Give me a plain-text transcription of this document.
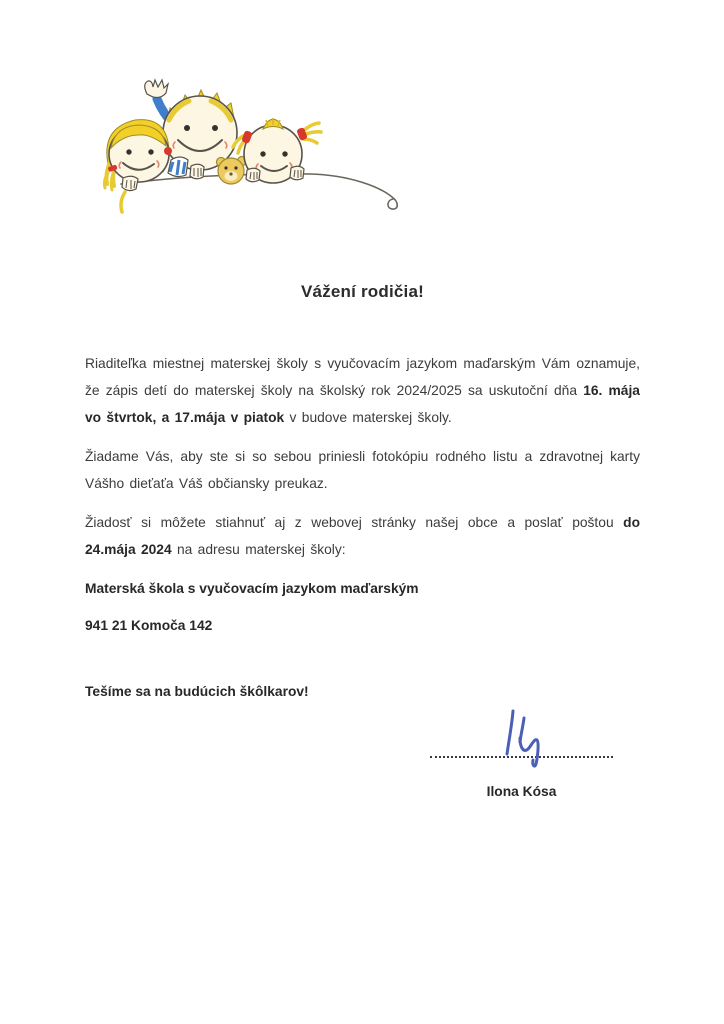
Vážení rodičia!

Riaditeľka miestnej materskej školy s vyučovacím jazykom maďarským Vám oznamuje, že zápis detí do materskej školy na školský rok 2024/2025 sa uskutoční dňa 16. mája vo štvrtok, a 17.mája v piatok v budove materskej školy.

Žiadame Vás, aby ste si so sebou priniesli fotokópiu rodného listu a zdravotnej karty Vášho dieťaťa Váš občiansky preukaz.

Žiadosť si môžete stiahnuť aj z webovej stránky našej obce a poslať poštou do 24.mája 2024 na adresu materskej školy:

Materská škola s vyučovacím jazykom maďarským

941 21 Komoča 142

Tešíme sa na budúcich škôlkarov!

Ilona Kósa
